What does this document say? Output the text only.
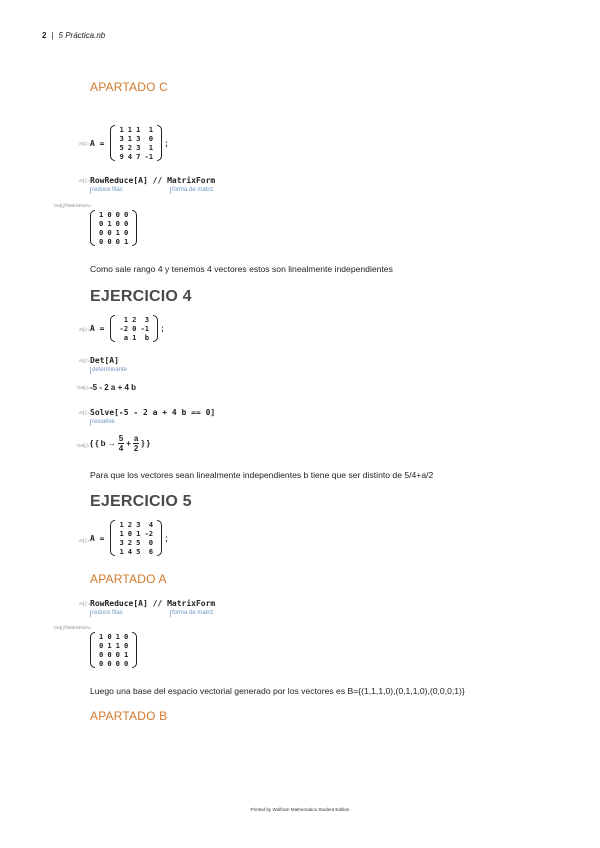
2 | 5 Práctica.nb
APARTADO C
In[ ]:= A =
1	1	1	1
3	1	3	0
5	2	3	1
9	4	7	-1
;
In[ ]:= RowReduce[A] // MatrixForm
reduce filas	forma de matriz
Out[ ]//MatrixForm=
1	0	0	0
0	1	0	0
0	0	1	0
0	0	0	1
Como sale rango 4 y tenemos 4 vectores estos son linealmente independientes
EJERCICIO 4
In[ ]:= A =
1	2	3
-2	0	-1
a	1	b
;
In[ ]:= Det[A]
determinante
Out[ ]= -5 - 2 a + 4 b
In[ ]:= Solve[-5 - 2 a + 4 b == 0]
resuelve
Out[ ]= { { $b \to \frac{5}{4} + \frac{a}{2}$ } }
Para que los vectores sean linealmente independientes b tiene que ser distinto de 5/4+a/2
EJERCICIO 5
In[ ]:= A =
1	2	3	4
1	0	1	-2
3	2	5	0
1	4	5	6
;
APARTADO A
In[ ]:= RowReduce[A] // MatrixForm
reduce filas	forma de matriz
Out[ ]//MatrixForm=
1	0	1	0
0	1	1	0
0	0	0	1
0	0	0	0
Luego una base del espacio vectorial generado por los vectores es B={(1,1,1,0),(0,1,1,0),(0,0,0,1)}
APARTADO B
Printed by Wolfram Mathematica Student Edition
